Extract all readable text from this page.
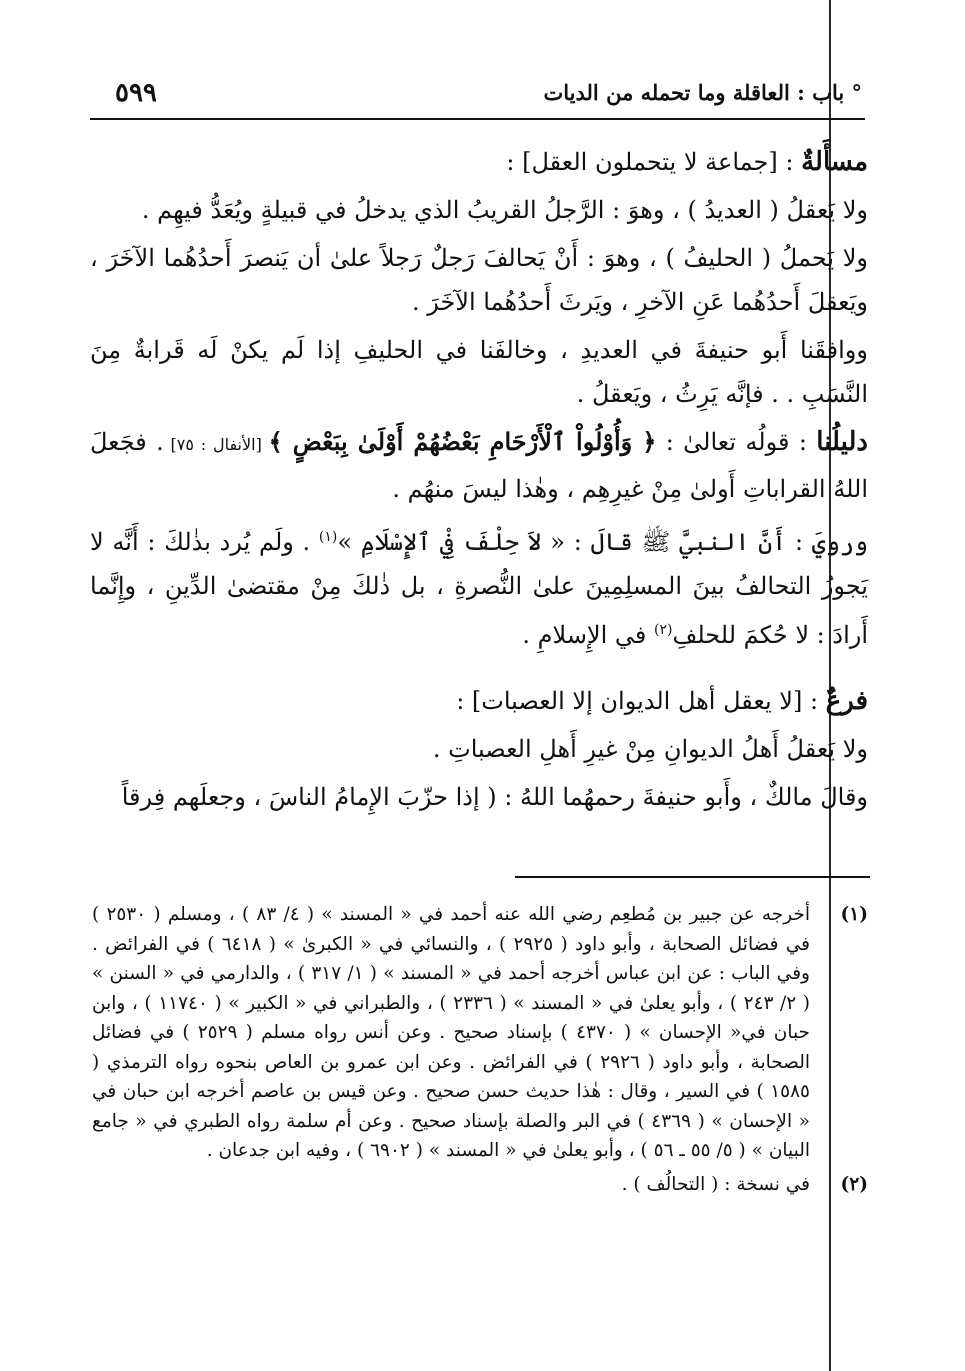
٥٩٩	° باب : العاقلة وما تحمله من الديات

مسأَلةٌ : [جماعة لا يتحملون العقل] :

ولا يَعقلُ ( العديدُ ) ، وهوَ : الرَّجلُ القريبُ الذي يدخلُ في قبيلةٍ ويُعَدُّ فيهِم .

ولا يَحملُ ( الحليفُ ) ، وهوَ : أَنْ يَحالفَ رَجلٌ رَجلاً علىٰ أن يَنصرَ أَحدُهُما الآخَرَ ، ويَعقلَ أَحدُهُما عَنِ الآخرِ ، ويَرثَ أَحدُهُما الآخَرَ .

ووافقَنا أَبو حنيفةَ في العديدِ ، وخالفَنا في الحليفِ إذا لَم يكنْ لَه قَرابةٌ مِنَ النَّسَبِ . . فإنَّه يَرِثُ ، ويَعقلُ .

دليلُنا : قولُه تعالىٰ : ﴿ وَأُوْلُواْ ٱلْأَرْحَامِ بَعْضُهُمْ أَوْلَىٰ بِبَعْضٍ ﴾ [الأنفال : ٧٥] . فجَعلَ اللهُ القراباتِ أَولىٰ مِنْ غيرِهِم ، وهٰذا ليسَ منهُم .

ورويَ : أَنَّ النبيَّ ﷺ قالَ : « لاَ حِلْفَ فِيْ ٱلإِسْلَامِ »$^{(١)}$ . ولَم يُرد بذٰلكَ : أَنَّه لا يَجوزُ التحالفُ بينَ المسلِمِينَ علىٰ النُّصرةِ ، بل ذٰلكَ مِنْ مقتضىٰ الدِّينِ ، وإِنَّما أَرادَ : لا حُكمَ للحلفِ$^{(٢)}$ في الإِسلامِ .

فرعٌ : [لا يعقل أهل الديوان إلا العصبات] :

ولا يَعقلُ أَهلُ الديوانِ مِنْ غيرِ أَهلِ العصباتِ .

وقالَ مالكٌ ، وأَبو حنيفةَ رحمهُما اللهُ : ( إذا حزّبَ الإِمامُ الناسَ ، وجعلَهم فِرقاً

(١)
أخرجه عن جبير بن مُطعِم رضي الله عنه أحمد في « المسند » ( ٤/ ٨٣ ) ، ومسلم ( ٢٥٣٠ ) في فضائل الصحابة ، وأبو داود ( ٢٩٢٥ ) ، والنسائي في « الكبرىٰ » ( ٦٤١٨ ) في الفرائض . وفي الباب : عن ابن عباس أخرجه أحمد في « المسند » ( ١/ ٣١٧ ) ، والدارمي في « السنن » ( ٢/ ٢٤٣ ) ، وأبو يعلىٰ في « المسند » ( ٢٣٣٦ ) ، والطبراني في « الكبير » ( ١١٧٤٠ ) ، وابن حبان في« الإحسان » ( ٤٣٧٠ ) بإسناد صحيح . وعن أنس رواه مسلم ( ٢٥٢٩ ) في فضائل الصحابة ، وأبو داود ( ٢٩٢٦ ) في الفرائض . وعن ابن عمرو بن العاص بنحوه رواه الترمذي ( ١٥٨٥ ) في السير ، وقال : هٰذا حديث حسن صحيح . وعن قيس بن عاصم أخرجه ابن حبان في « الإحسان » ( ٤٣٦٩ ) في البر والصلة بإسناد صحيح . وعن أم سلمة رواه الطبري في « جامع البيان » ( ٥/ ٥٥ ـ ٥٦ ) ، وأبو يعلىٰ في « المسند » ( ٦٩٠٢ ) ، وفيه ابن جدعان .

(٢)
في نسخة : ( التحالُف ) .
